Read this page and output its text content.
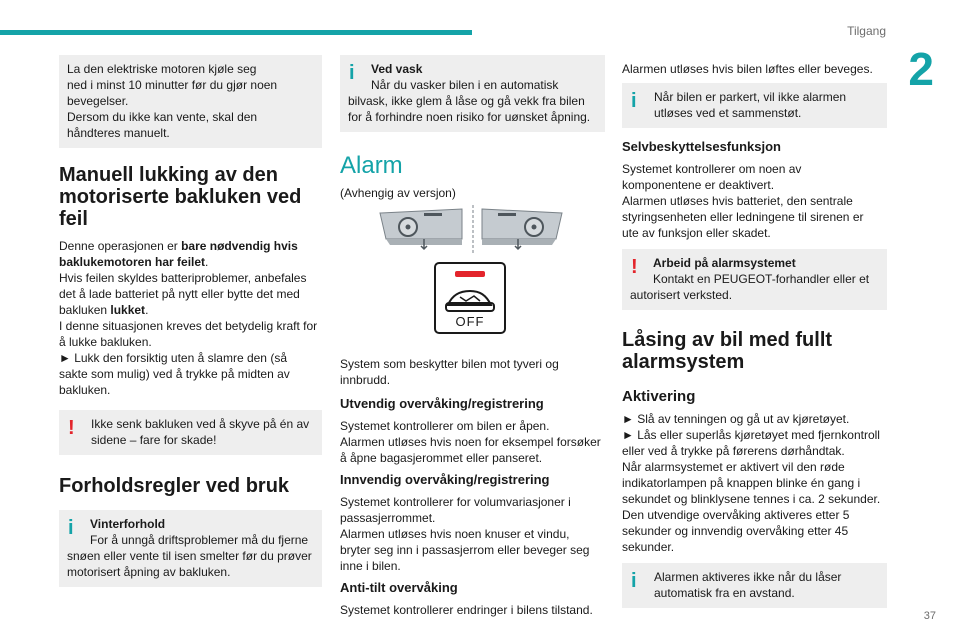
Tilgang
2
La den elektriske motoren kjøle seg
ned i minst 10 minutter før du gjør noen
bevegelser.
Dersom du ikke kan vente, skal den
håndteres manuelt.
Manuell lukking av den
motoriserte bakluken ved
feil
Denne operasjonen er bare nødvendig hvis
baklukemotoren har feilet.
Hvis feilen skyldes batteriproblemer, anbefales
det å lade batteriet på nytt eller bytte det med
bakluken lukket.
I denne situasjonen kreves det betydelig kraft for
å lukke bakluken.
► Lukk den forsiktig uten å slamre den (så
sakte som mulig) ved å trykke på midten av
bakluken.
! Ikke senk bakluken ved å skyve på én av
sidene – fare for skade!
Forholdsregler ved bruk
i	Vinterforhold
For å unngå driftsproblemer må du fjerne
snøen eller vente til isen smelter før du prøver
motorisert åpning av bakluken.
i	Ved vask
Når du vasker bilen i en automatisk
bilvask, ikke glem å låse og gå vekk fra bilen
for å forhindre noen risiko for uønsket åpning.
Alarm
(Avhengig av versjon)
OFF
System som beskytter bilen mot tyveri og
innbrudd.
Utvendig overvåking/registrering
Systemet kontrollerer om bilen er åpen.
Alarmen utløses hvis noen for eksempel forsøker
å åpne bagasjerommet eller panseret.
Innvendig overvåking/registrering
Systemet kontrollerer for volumvariasjoner i
passasjerrommet.
Alarmen utløses hvis noen knuser et vindu,
bryter seg inn i passasjerrom eller beveger seg
inne i bilen.
Anti-tilt overvåking
Systemet kontrollerer endringer i bilens tilstand.
Alarmen utløses hvis bilen løftes eller beveges.
i Når bilen er parkert, vil ikke alarmen
utløses ved et sammenstøt.
Selvbeskyttelsesfunksjon
Systemet kontrollerer om noen av
komponentene er deaktivert.
Alarmen utløses hvis batteriet, den sentrale
styringsenheten eller ledningene til sirenen er
ute av funksjon eller skadet.
!	Arbeid på alarmsystemet
Kontakt en PEUGEOT-forhandler eller et
autorisert verksted.
Låsing av bil med fullt
alarmsystem
Aktivering
► Slå av tenningen og gå ut av kjøretøyet.
► Lås eller superlås kjøretøyet med fjernkontroll
eller ved å trykke på førerens dørhåndtak.
Når alarmsystemet er aktivert vil den røde
indikatorlampen på knappen blinke én gang i
sekundet og blinklysene tennes i ca. 2 sekunder.
Den utvendige overvåking aktiveres etter 5
sekunder og innvendig overvåking etter 45
sekunder.
i Alarmen aktiveres ikke når du låser
automatisk fra en avstand.
37
